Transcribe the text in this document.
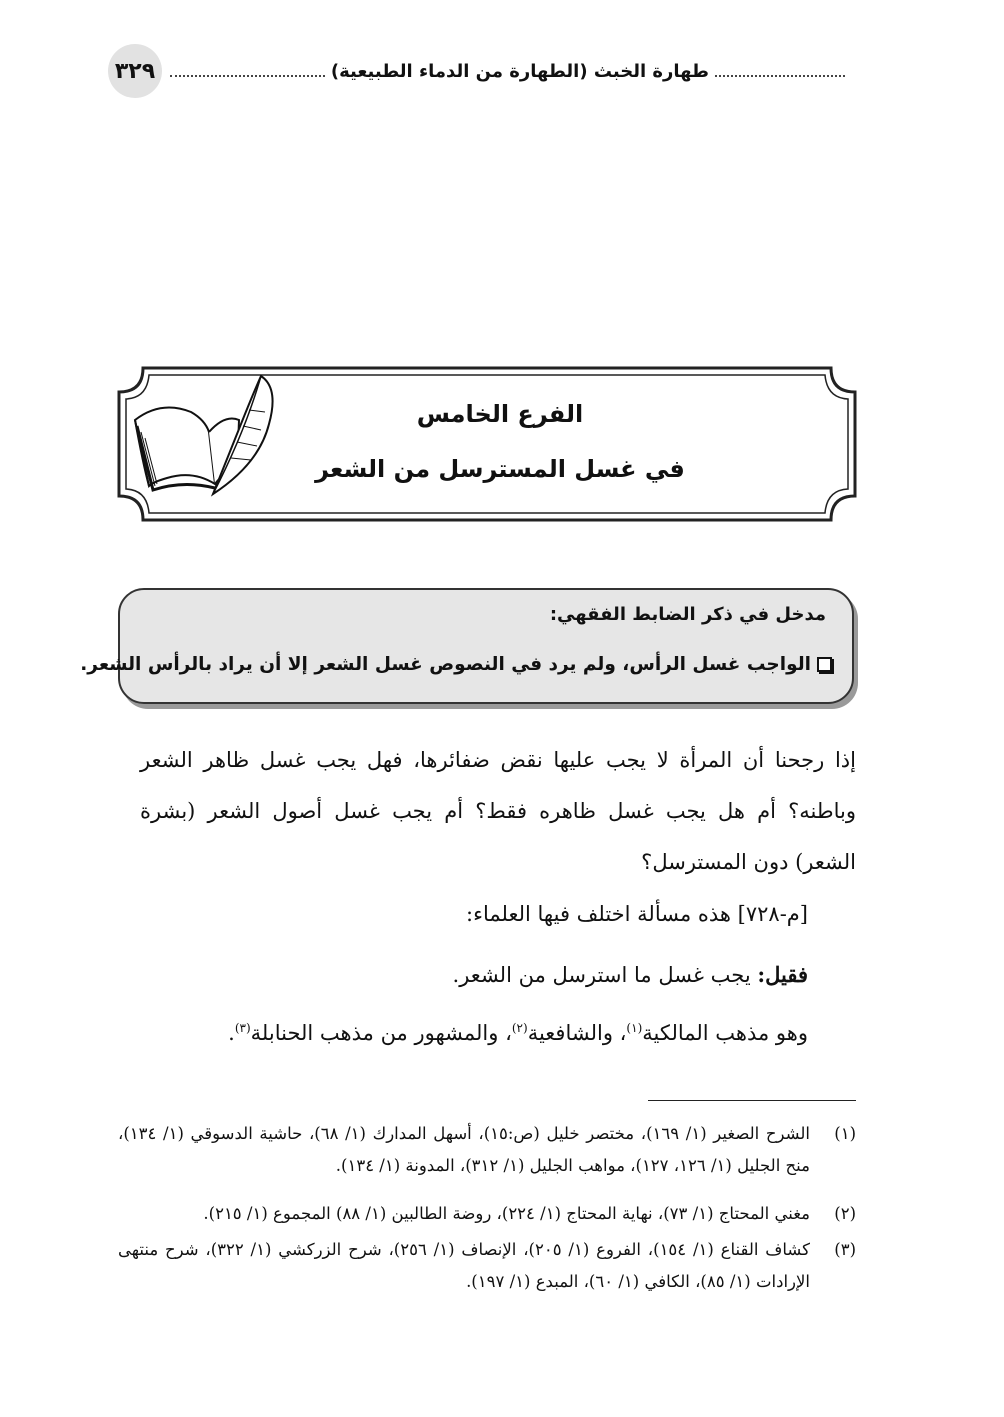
٣٢٩	طهارة الخبث (الطهارة من الدماء الطبيعية)
الفرع الخامس
في غسل المسترسل من الشعر
مدخل في ذكر الضابط الفقهي:
الواجب غسل الرأس، ولم يرد في النصوص غسل الشعر إلا أن يراد بالرأس الشعر.
إذا رجحنا أن المرأة لا يجب عليها نقض ضفائرها، فهل يجب غسل ظاهر الشعر وباطنه؟ أم هل يجب غسل ظاهره فقط؟ أم يجب غسل أصول الشعر (بشرة الشعر) دون المسترسل؟
[م-٧٢٨] هذه مسألة اختلف فيها العلماء:
فقيل: يجب غسل ما استرسل من الشعر.
وهو مذهب المالكية$^{(١)}$، والشافعية$^{(٢)}$، والمشهور من مذهب الحنابلة$^{(٣)}$.
(١)
الشرح الصغير (١/ ١٦٩)، مختصر خليل (ص:١٥)، أسهل المدارك (١/ ٦٨)، حاشية الدسوقي (١/ ١٣٤)، منح الجليل (١/ ١٢٦، ١٢٧)، مواهب الجليل (١/ ٣١٢)، المدونة (١/ ١٣٤).
(٢)
مغني المحتاج (١/ ٧٣)، نهاية المحتاج (١/ ٢٢٤)، روضة الطالبين (١/ ٨٨) المجموع (١/ ٢١٥).
(٣)
كشاف القناع (١/ ١٥٤)، الفروع (١/ ٢٠٥)، الإنصاف (١/ ٢٥٦)، شرح الزركشي (١/ ٣٢٢)، شرح منتهى الإرادات (١/ ٨٥)، الكافي (١/ ٦٠)، المبدع (١/ ١٩٧).
